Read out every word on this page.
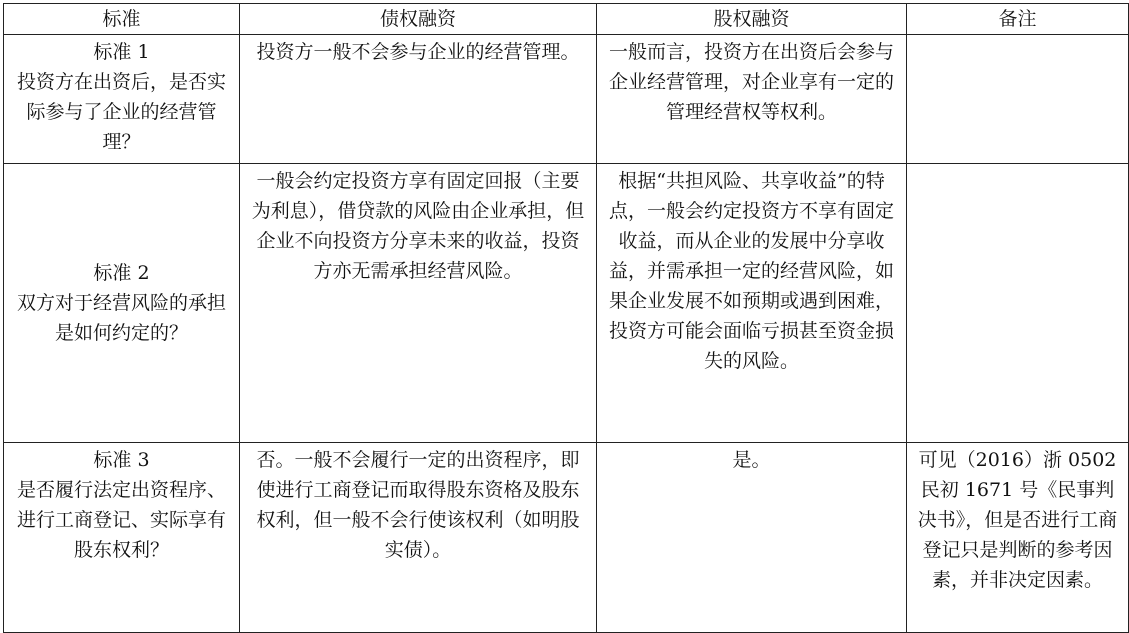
标准	债权融资	股权融资	备注

标准 1
投资方在出资后，是否实际参与了企业的经营管理？	投资方一般不会参与企业的经营管理。	一般而言，投资方在出资后会参与企业经营管理，对企业享有一定的管理经营权等权利。	

标准 2
双方对于经营风险的承担是如何约定的？	一般会约定投资方享有固定回报（主要为利息），借贷款的风险由企业承担，但企业不向投资方分享未来的收益，投资方亦无需承担经营风险。	根据“共担风险、共享收益”的特点，一般会约定投资方不享有固定收益，而从企业的发展中分享收益，并需承担一定的经营风险，如果企业发展不如预期或遇到困难，投资方可能会面临亏损甚至资金损失的风险。	

标准 3
是否履行法定出资程序、进行工商登记、实际享有股东权利？	否。一般不会履行一定的出资程序，即使进行工商登记而取得股东资格及股东权利，但一般不会行使该权利（如明股实债）。	是。	可见（2016）浙 0502 民初 1671 号《民事判决书》，但是否进行工商登记只是判断的参考因素，并非决定因素。
